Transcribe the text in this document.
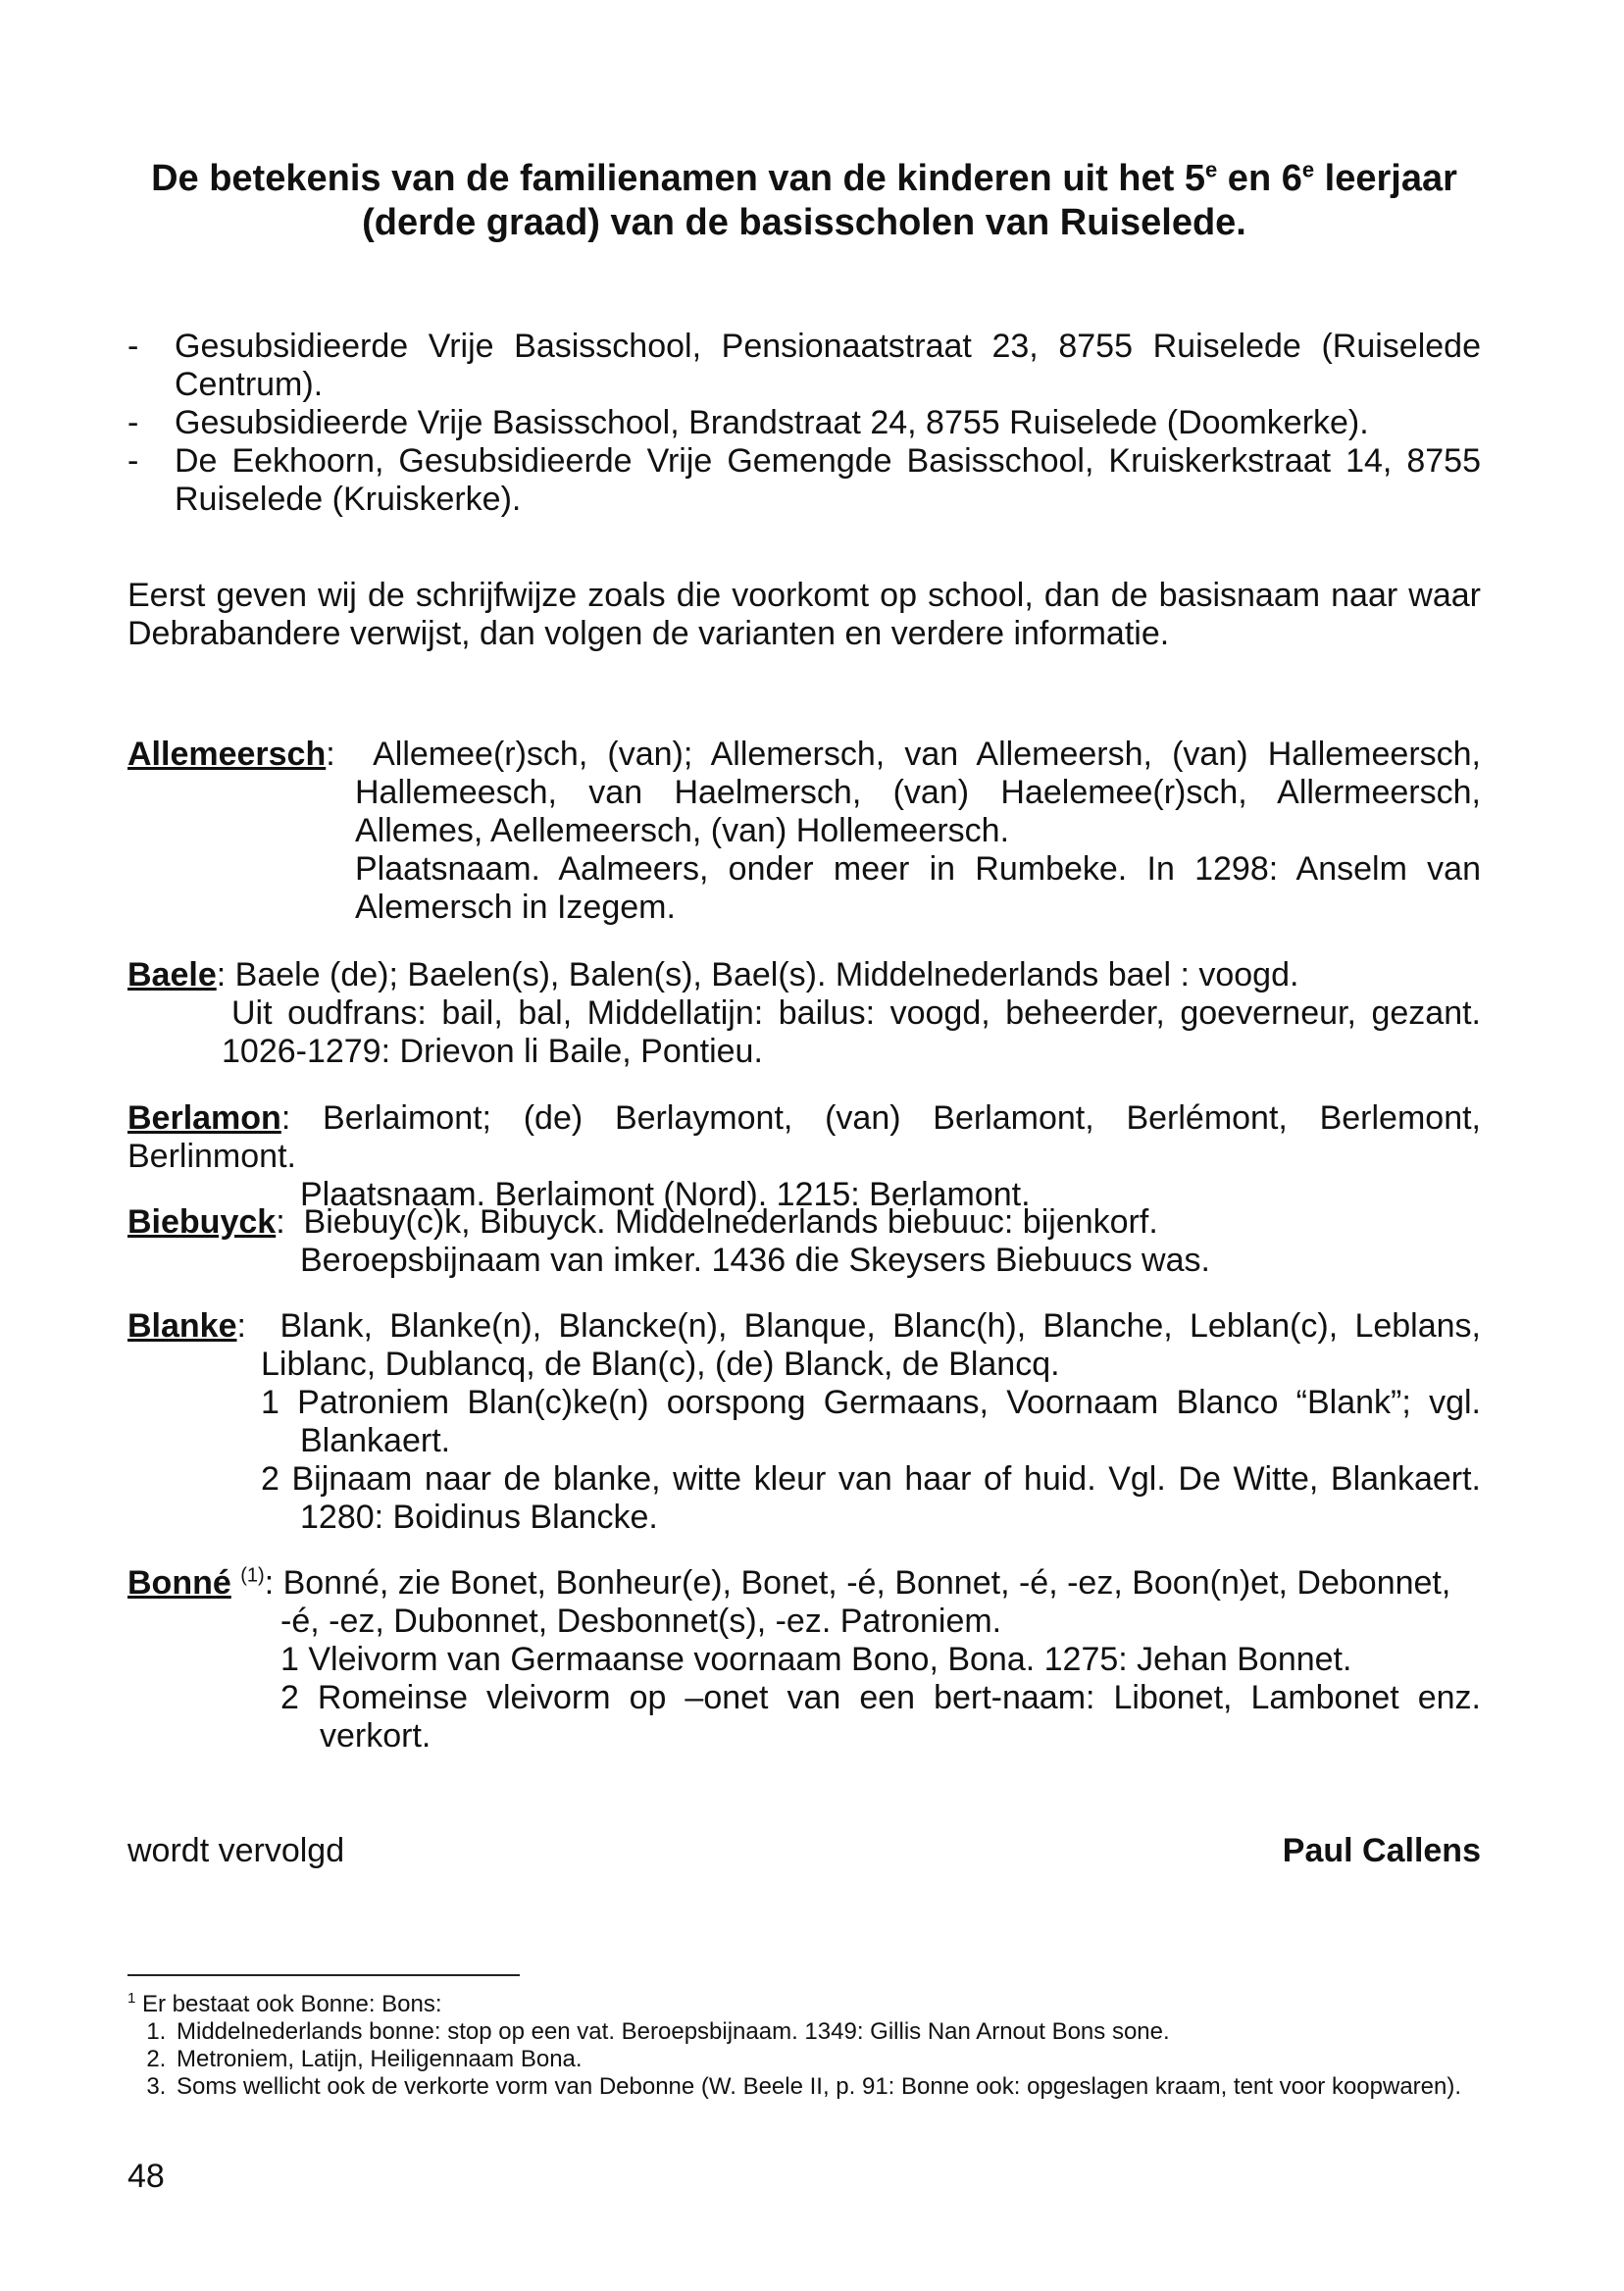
De betekenis van de familienamen van de kinderen uit het 5e en 6e leerjaar
(derde graad) van de basisscholen van Ruiselede.
- Gesubsidieerde Vrije Basisschool, Pensionaatstraat 23, 8755 Ruiselede (Ruiselede Centrum).
- Gesubsidieerde Vrije Basisschool, Brandstraat 24, 8755 Ruiselede (Doomkerke).
- De Eekhoorn, Gesubsidieerde Vrije Gemengde Basisschool, Kruiskerkstraat 14, 8755 Ruiselede (Kruiskerke).
Eerst geven wij de schrijfwijze zoals die voorkomt op school, dan de basisnaam naar waar Debrabandere verwijst, dan volgen de varianten en verdere informatie.
Allemeersch:  Allemee(r)sch, (van); Allemersch, van Allemeersh, (van) Hallemeersch,
Hallemeesch, van Haelmersch, (van) Haelemee(r)sch, Allermeersch,
Allemes, Aellemeersch, (van) Hollemeersch.
Plaatsnaam. Aalmeers, onder meer in Rumbeke. In 1298: Anselm van
Alemersch in Izegem.
Baele: Baele (de); Baelen(s), Balen(s), Bael(s). Middelnederlands bael : voogd.
Uit oudfrans: bail, bal, Middellatijn: bailus: voogd, beheerder, goeverneur, gezant.
1026-1279: Drievon li Baile, Pontieu.
Berlamon: Berlaimont; (de) Berlaymont, (van) Berlamont, Berlémont, Berlemont, Berlinmont.
Plaatsnaam. Berlaimont (Nord). 1215: Berlamont.
Biebuyck:  Biebuy(c)k, Bibuyck. Middelnederlands biebuuc: bijenkorf.
Beroepsbijnaam van imker. 1436 die Skeysers Biebuucs was.
Blanke:  Blank, Blanke(n), Blancke(n), Blanque, Blanc(h), Blanche, Leblan(c), Leblans,
Liblanc, Dublancq, de Blan(c), (de) Blanck, de Blancq.
1 Patroniem Blan(c)ke(n) oorspong Germaans, Voornaam Blanco “Blank”; vgl.
Blankaert.
2 Bijnaam naar de blanke, witte kleur van haar of huid. Vgl. De Witte, Blankaert.
1280: Boidinus Blancke.
Bonné $^{(1)}$: Bonné, zie Bonet, Bonheur(e), Bonet, -é, Bonnet, -é, -ez, Boon(n)et, Debonnet,
-é, -ez, Dubonnet, Desbonnet(s), -ez. Patroniem.
1 Vleivorm van Germaanse voornaam Bono, Bona. 1275: Jehan Bonnet.
2 Romeinse vleivorm op –onet van een bert-naam: Libonet, Lambonet enz.
verkort.
wordt vervolgd	Paul Callens
$^1$ Er bestaat ook Bonne: Bons:
1. Middelnederlands bonne: stop op een vat. Beroepsbijnaam. 1349: Gillis Nan Arnout Bons sone.
2. Metroniem, Latijn, Heiligennaam Bona.
3. Soms wellicht ook de verkorte vorm van Debonne (W. Beele II, p. 91: Bonne ook: opgeslagen kraam, tent voor koopwaren).
48
